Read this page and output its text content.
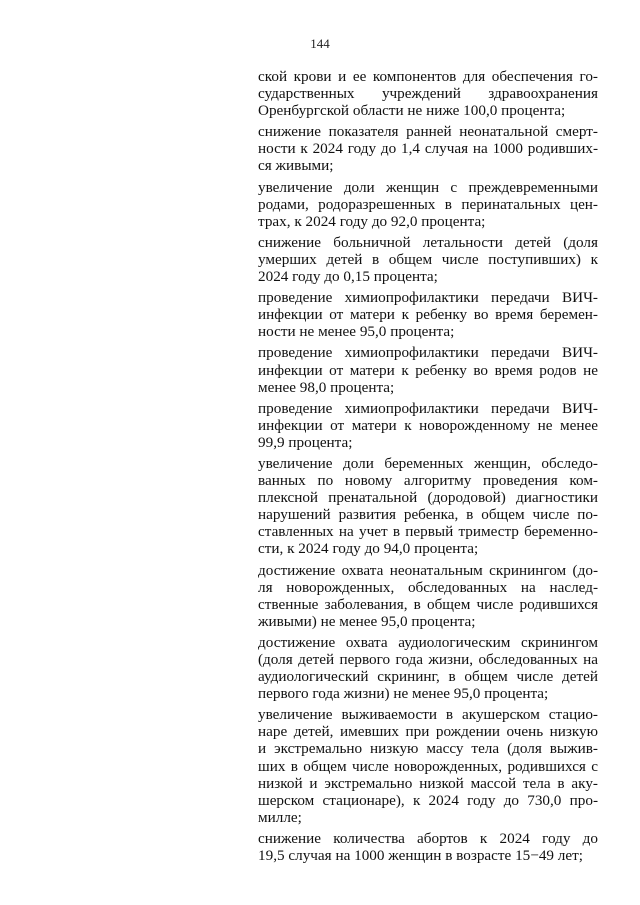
144
ской крови и ее компонентов для обеспечения го-
сударственных учреждений здравоохранения
Оренбургской области не ниже 100,0 процента;
снижение показателя ранней неонатальной смерт-
ности к 2024 году до 1,4 случая на 1000 родивших-
ся живыми;
увеличение доли женщин с преждевременными
родами, родоразрешенных в перинатальных цен-
трах, к 2024 году до 92,0 процента;
снижение больничной летальности детей (доля
умерших детей в общем числе поступивших) к
2024 году до 0,15 процента;
проведение химиопрофилактики передачи ВИЧ-
инфекции от матери к ребенку во время беремен-
ности не менее 95,0 процента;
проведение химиопрофилактики передачи ВИЧ-
инфекции от матери к ребенку во время родов не
менее 98,0 процента;
проведение химиопрофилактики передачи ВИЧ-
инфекции от матери к новорожденному не менее
99,9 процента;
увеличение доли беременных женщин, обследо-
ванных по новому алгоритму проведения ком-
плексной пренатальной (дородовой) диагностики
нарушений развития ребенка, в общем числе по-
ставленных на учет в первый триместр беременно-
сти, к 2024 году до 94,0 процента;
достижение охвата неонатальным скринингом (до-
ля новорожденных, обследованных на наслед-
ственные заболевания, в общем числе родившихся
живыми) не менее 95,0 процента;
достижение охвата аудиологическим скринингом
(доля детей первого года жизни, обследованных на
аудиологический скрининг, в общем числе детей
первого года жизни) не менее 95,0 процента;
увеличение выживаемости в акушерском стацио-
наре детей, имевших при рождении очень низкую
и экстремально низкую массу тела (доля выжив-
ших в общем числе новорожденных, родившихся с
низкой и экстремально низкой массой тела в аку-
шерском стационаре), к 2024 году до 730,0 про-
милле;
снижение количества абортов к 2024 году до
19,5 случая на 1000 женщин в возрасте 15−49 лет;
